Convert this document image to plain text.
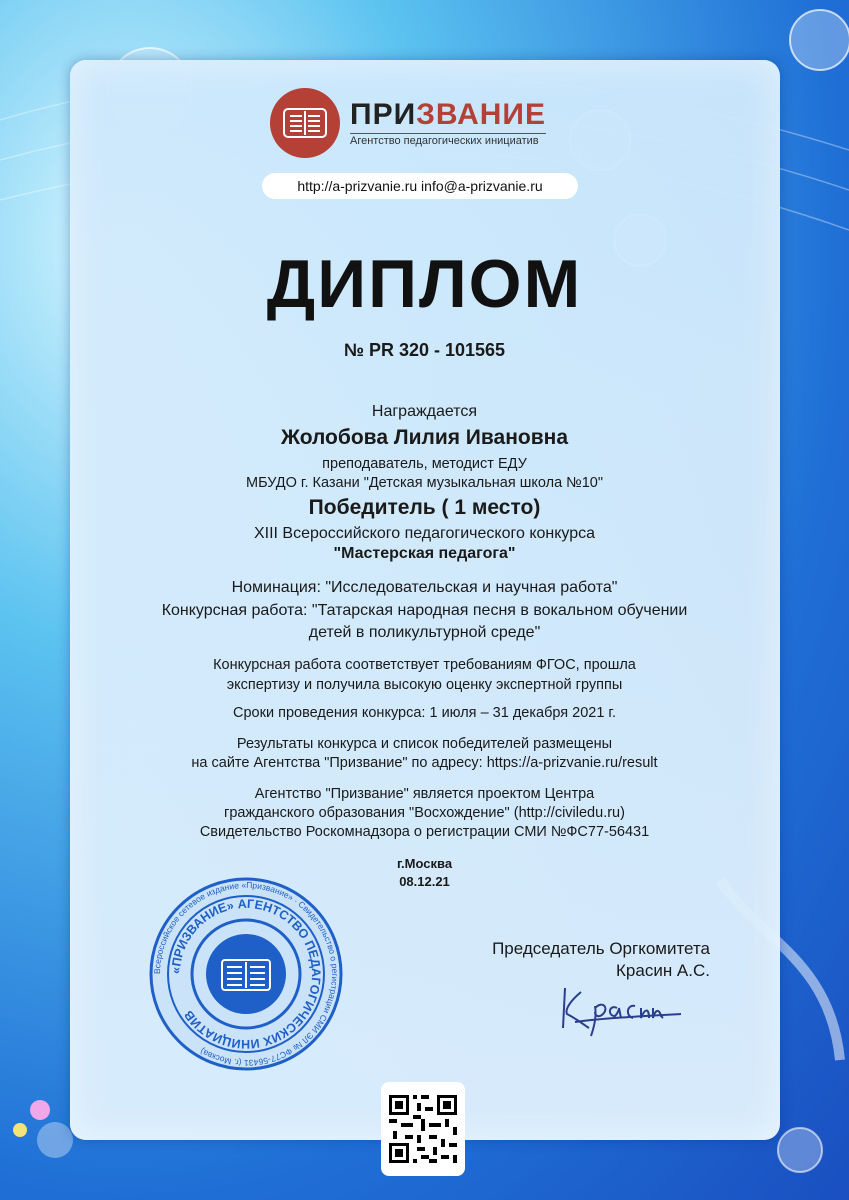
ПРИЗВАНИЕ
Агентство педагогических инициатив
http://a-prizvanie.ru info@a-prizvanie.ru
ДИПЛОМ
№ PR 320 - 101565
Награждается
Жолобова Лилия Ивановна
преподаватель, методист ЕДУ
МБУДО г. Казани "Детская музыкальная школа №10"
Победитель ( 1 место)
XIII Всероссийского педагогического конкурса
"Мастерская педагога"
Номинация: "Исследовательская и научная работа"
Конкурсная работа: "Татарская народная песня в вокальном обучении
детей в поликультурной среде"
Конкурсная работа соответствует требованиям ФГОС, прошла
экспертизу и получила высокую оценку экспертной группы
Сроки проведения конкурса: 1 июля – 31 декабря 2021 г.
Результаты конкурса и список победителей размещены
на сайте Агентства "Призвание" по адресу: https://a-prizvanie.ru/result
Агентство "Призвание" является проектом Центра
гражданского образования "Восхождение" (http://civiledu.ru)
Свидетельство Роскомнадзора о регистрации СМИ №ФС77-56431
г.Москва
08.12.21
Всероссийское сетевое издание «Призвание» · Свидетельство о регистрации СМИ ЭЛ № ФС77-56431 (г. Москва)
«ПРИЗВАНИЕ» АГЕНТСТВО ПЕДАГОГИЧЕСКИХ ИНИЦИАТИВ
Председатель Оргкомитета
Красин А.С.
